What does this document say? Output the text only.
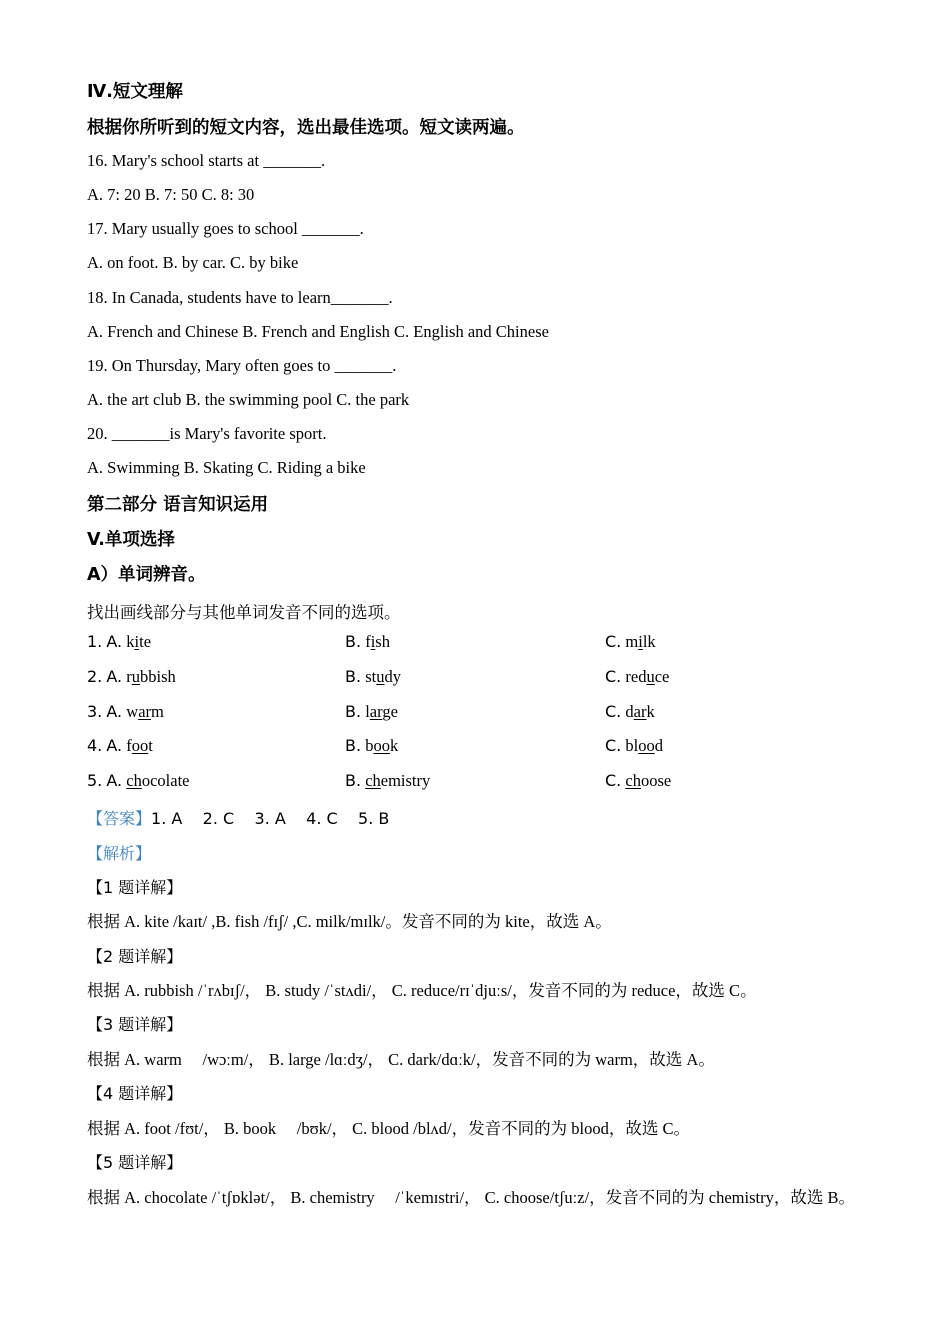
Ⅳ.短文理解
根据你所听到的短文内容，选出最佳选项。短文读两遍。
16. Mary's school starts at _______.
A. 7: 20 B. 7: 50 C. 8: 30
17. Mary usually goes to school _______.
A. on foot. B. by car. C. by bike
18. In Canada, students have to learn_______.
A. French and Chinese B. French and English C. English and Chinese
19. On Thursday, Mary often goes to _______.
A. the art club B. the swimming pool C. the park
20. _______is Mary's favorite sport.
A. Swimming B. Skating C. Riding a bike
第二部分 语言知识运用
V.单项选择
A）单词辨音。
找出画线部分与其他单词发音不同的选项。
1. A. kite	B. fish	C. milk
2. A. rubbish	B. study	C. reduce
3. A. warm	B. large	C. dark
4. A. foot	B. book	C. blood
5. A. chocolate	B. chemistry	C. choose
【答案】1. A    2. C    3. A    4. C    5. B
【解析】
【1 题详解】
根据 A. kite /kaɪt/ ,B. fish /fɪʃ/ ,C. milk/mɪlk/。发音不同的为 kite，故选 A。
【2 题详解】
根据 A. rubbish /ˈrʌbɪʃ/， B. study /ˈstʌdi/， C. reduce/rɪˈdjuːs/，发音不同的为 reduce，故选 C。
【3 题详解】
根据 A. warm     /wɔːm/， B. large /lɑːdʒ/， C. dark/dɑːk/，发音不同的为 warm，故选 A。
【4 题详解】
根据 A. foot /fʊt/， B. book     /bʊk/， C. blood /blʌd/，发音不同的为 blood，故选 C。
【5 题详解】
根据 A. chocolate /ˈtʃɒklət/， B. chemistry     /ˈkemɪstri/， C. choose/tʃuːz/，发音不同的为 chemistry，故选 B。
